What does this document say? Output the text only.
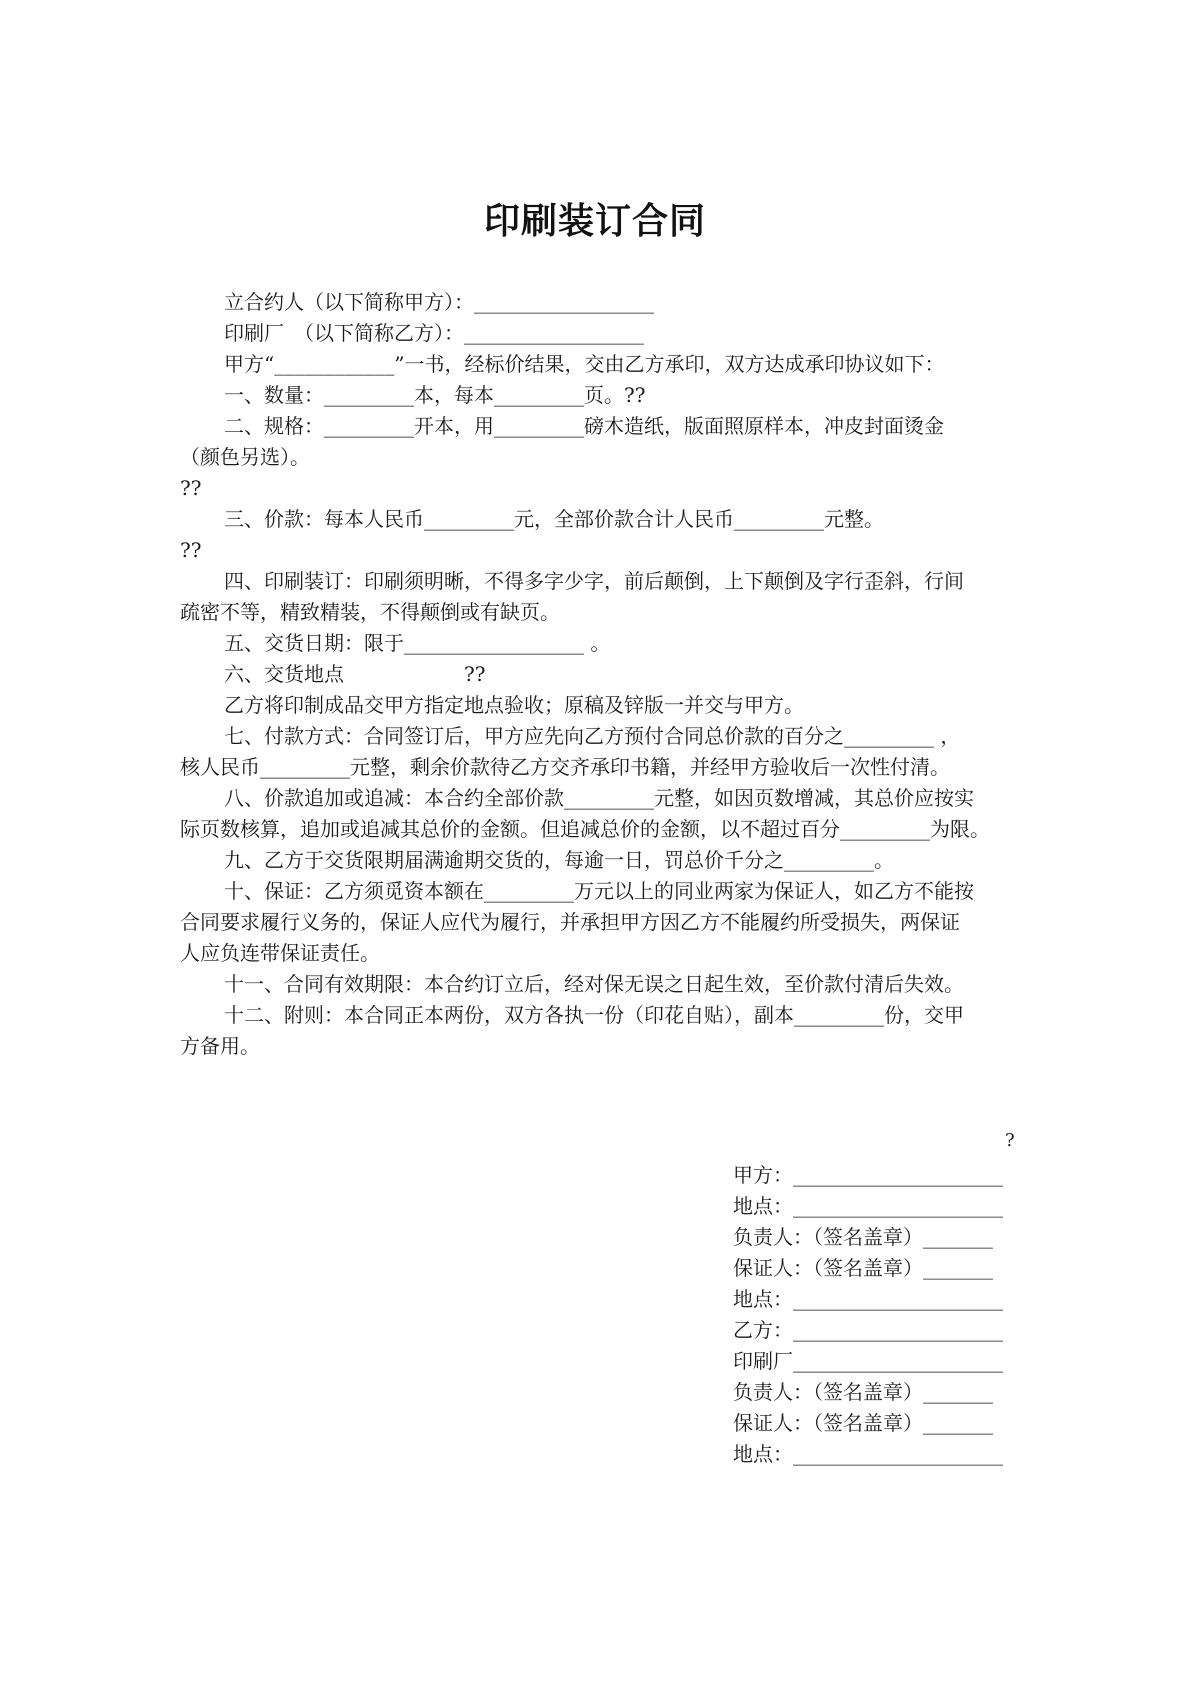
印刷装订合同
立合约人（以下简称甲方）：__________________
印刷厂　（以下简称乙方）：__________________
甲方“____________”一书，经标价结果，交由乙方承印，双方达成承印协议如下：
一、数量：_________本，每本_________页。??
二、规格：_________开本，用_________磅木造纸，版面照原样本，冲皮封面烫金
（颜色另选）。
??
三、价款：每本人民币_________元，全部价款合计人民币_________元整。
??
四、印刷装订：印刷须明晰，不得多字少字，前后颠倒，上下颠倒及字行歪斜，行间
疏密不等，精致精装，不得颠倒或有缺页。
五、交货日期：限于__________________ 。
六、交货地点　　　　　　??
乙方将印制成品交甲方指定地点验收；原稿及锌版一并交与甲方。
七、付款方式：合同签订后，甲方应先向乙方预付合同总价款的百分之_________ ，
核人民币_________元整，剩余价款待乙方交齐承印书籍，并经甲方验收后一次性付清。
八、价款追加或追减：本合约全部价款_________元整，如因页数增减，其总价应按实
际页数核算，追加或追减其总价的金额。但追减总价的金额，以不超过百分_________为限。
九、乙方于交货限期届满逾期交货的，每逾一日，罚总价千分之_________。
十、保证：乙方须觅资本额在_________万元以上的同业两家为保证人，如乙方不能按
合同要求履行义务的，保证人应代为履行，并承担甲方因乙方不能履约所受损失，两保证
人应负连带保证责任。
十一、合同有效期限：本合约订立后，经对保无误之日起生效，至价款付清后失效。
十二、附则：本合同正本两份，双方各执一份（印花自贴），副本_________份，交甲
方备用。
?
甲方：_____________________
地点：_____________________
负责人：（签名盖章）_______
保证人：（签名盖章）_______
地点：_____________________
乙方：_____________________
印刷厂_____________________
负责人：（签名盖章）_______
保证人：（签名盖章）_______
地点：_____________________
